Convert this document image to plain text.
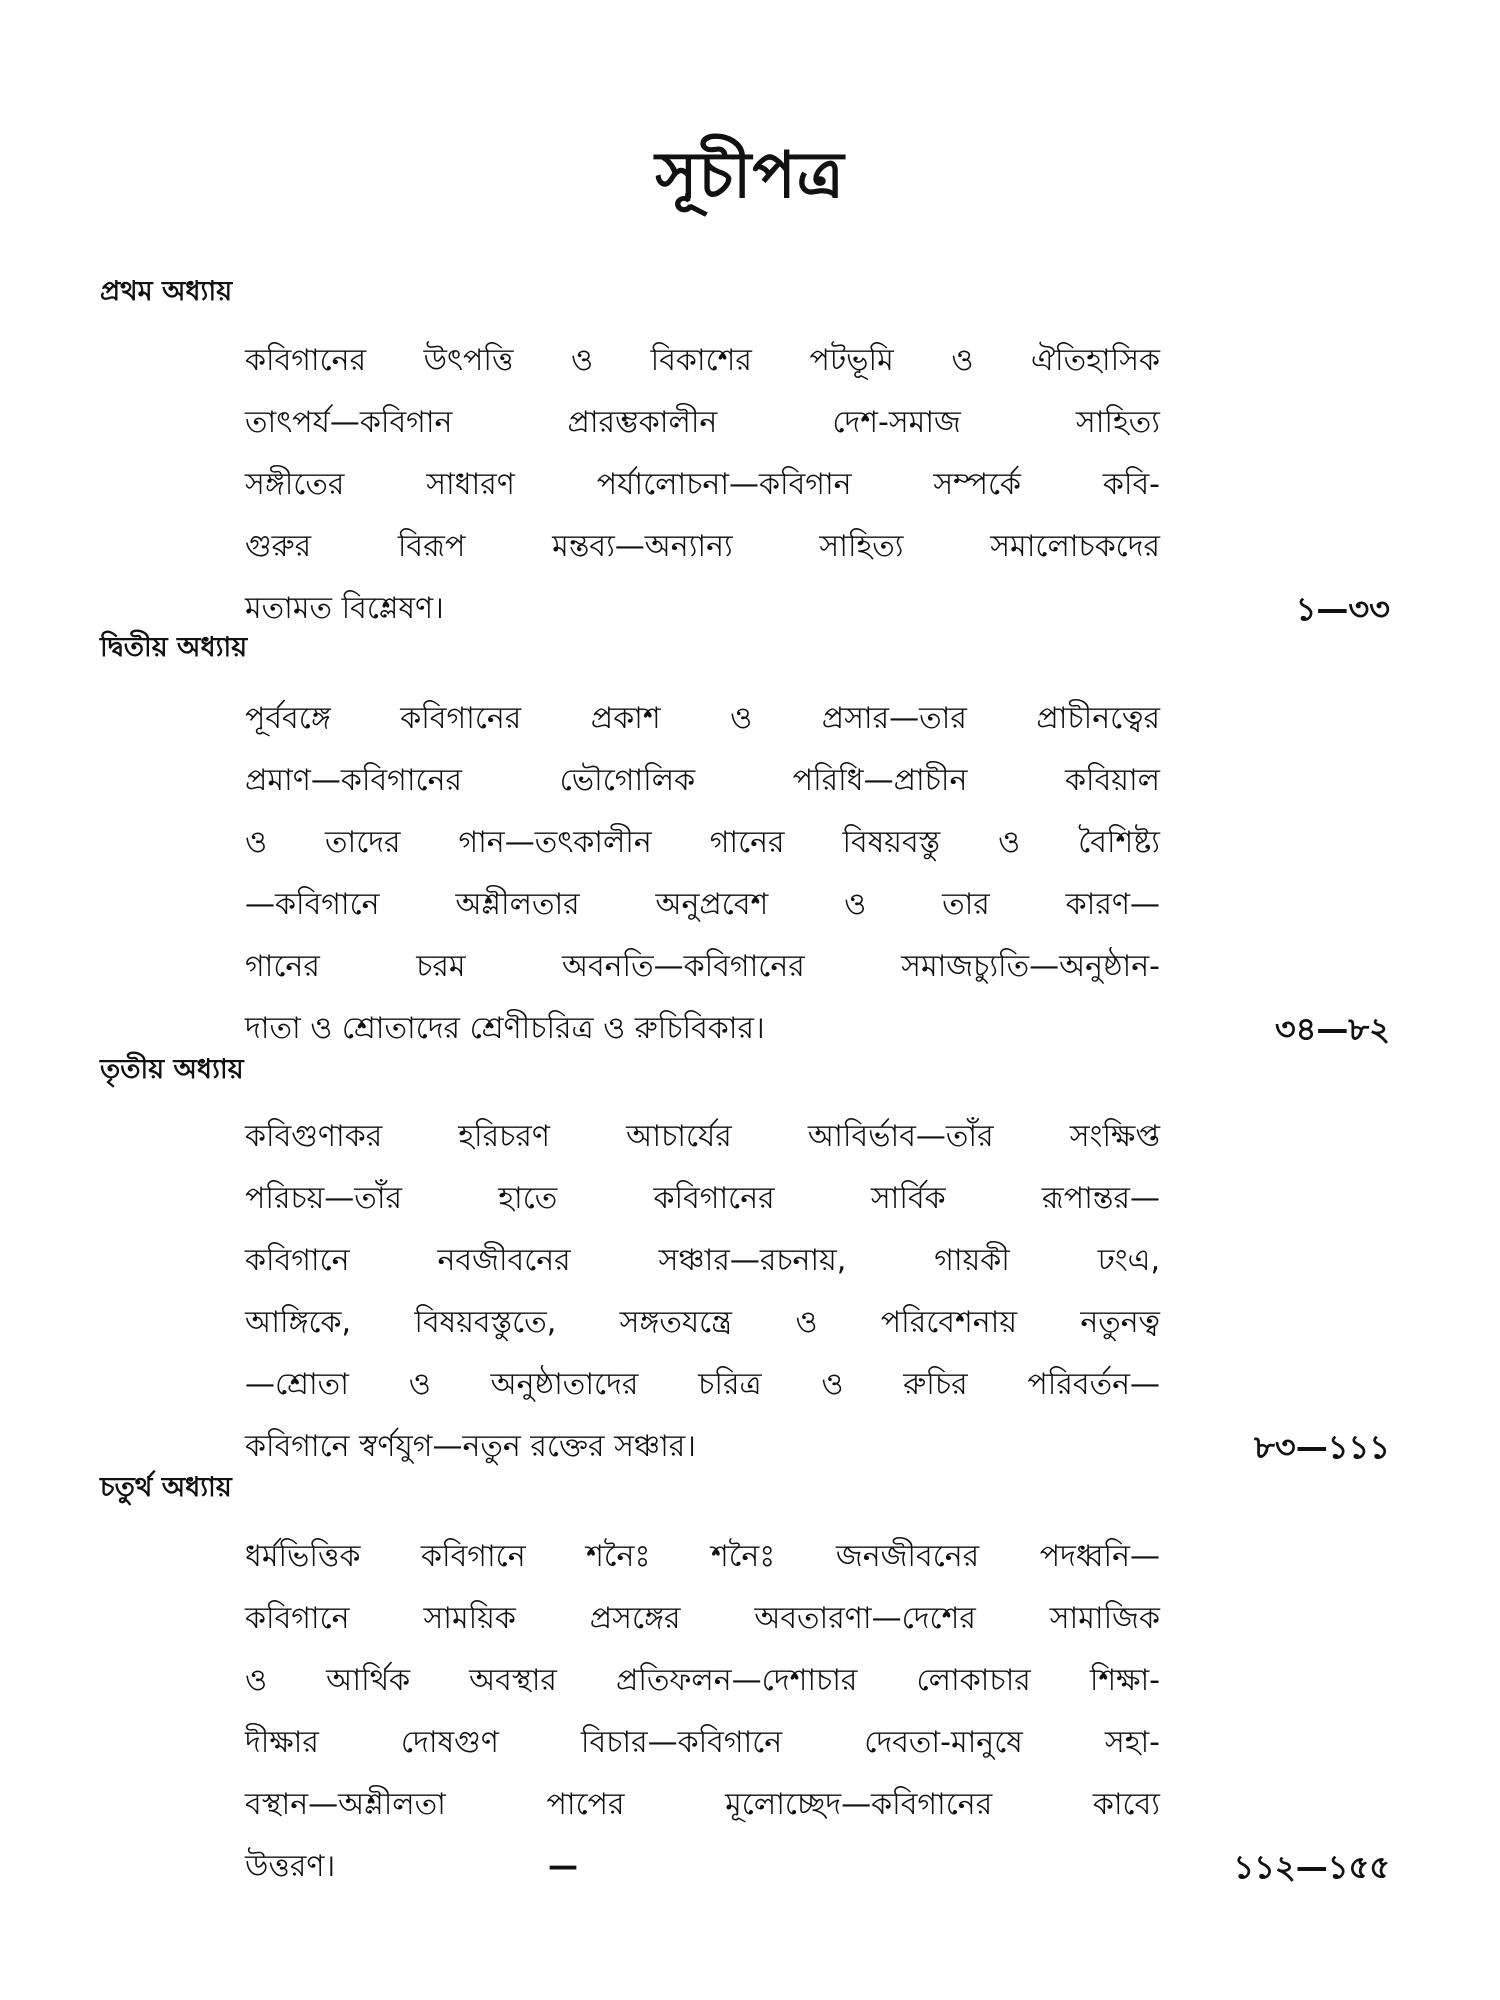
সূচীপত্র
প্রথম অধ্যায়
কবিগানের উৎপত্তি ও বিকাশের পটভূমি ও ঐতিহাসিক
তাৎপর্য—কবিগান প্রারম্ভকালীন দেশ-সমাজ সাহিত্য
সঙ্গীতের সাধারণ পর্যালোচনা—কবিগান সম্পর্কে কবি-
গুরুর বিরূপ মন্তব্য—অন্যান্য সাহিত্য সমালোচকদের
মতামত বিশ্লেষণ।	১—৩৩
দ্বিতীয় অধ্যায়
পূর্ববঙ্গে কবিগানের প্রকাশ ও প্রসার—তার প্রাচীনত্বের
প্রমাণ—কবিগানের ভৌগোলিক পরিধি—প্রাচীন কবিয়াল
ও তাদের গান—তৎকালীন গানের বিষয়বস্তু ও বৈশিষ্ট্য
—কবিগানে অশ্লীলতার অনুপ্রবেশ ও তার কারণ—
গানের চরম অবনতি—কবিগানের সমাজচ্যুতি—অনুষ্ঠান-
দাতা ও শ্রোতাদের শ্রেণীচরিত্র ও রুচিবিকার।	৩৪—৮২
তৃতীয় অধ্যায়
কবিগুণাকর হরিচরণ আচার্যের আবির্ভাব—তাঁর সংক্ষিপ্ত
পরিচয়—তাঁর হাতে কবিগানের সার্বিক রূপান্তর—
কবিগানে নবজীবনের সঞ্চার—রচনায়, গায়কী ঢংএ,
আঙ্গিকে, বিষয়বস্তুতে, সঙ্গতযন্ত্রে ও পরিবেশনায় নতুনত্ব
—শ্রোতা ও অনুষ্ঠাতাদের চরিত্র ও রুচির পরিবর্তন—
কবিগানে স্বর্ণযুগ—নতুন রক্তের সঞ্চার।	৮৩—১১১
চতুর্থ অধ্যায়
ধর্মভিত্তিক কবিগানে শনৈঃ শনৈঃ জনজীবনের পদধ্বনি—
কবিগানে সাময়িক প্রসঙ্গের অবতারণা—দেশের সামাজিক
ও আর্থিক অবস্থার প্রতিফলন—দেশাচার লোকাচার শিক্ষা-
দীক্ষার দোষগুণ বিচার—কবিগানে দেবতা-মানুষে সহা-
বস্থান—অশ্লীলতা পাপের মূলোচ্ছেদ—কবিগানের কাব্যে
উত্তরণ।	—	১১২—১৫৫
